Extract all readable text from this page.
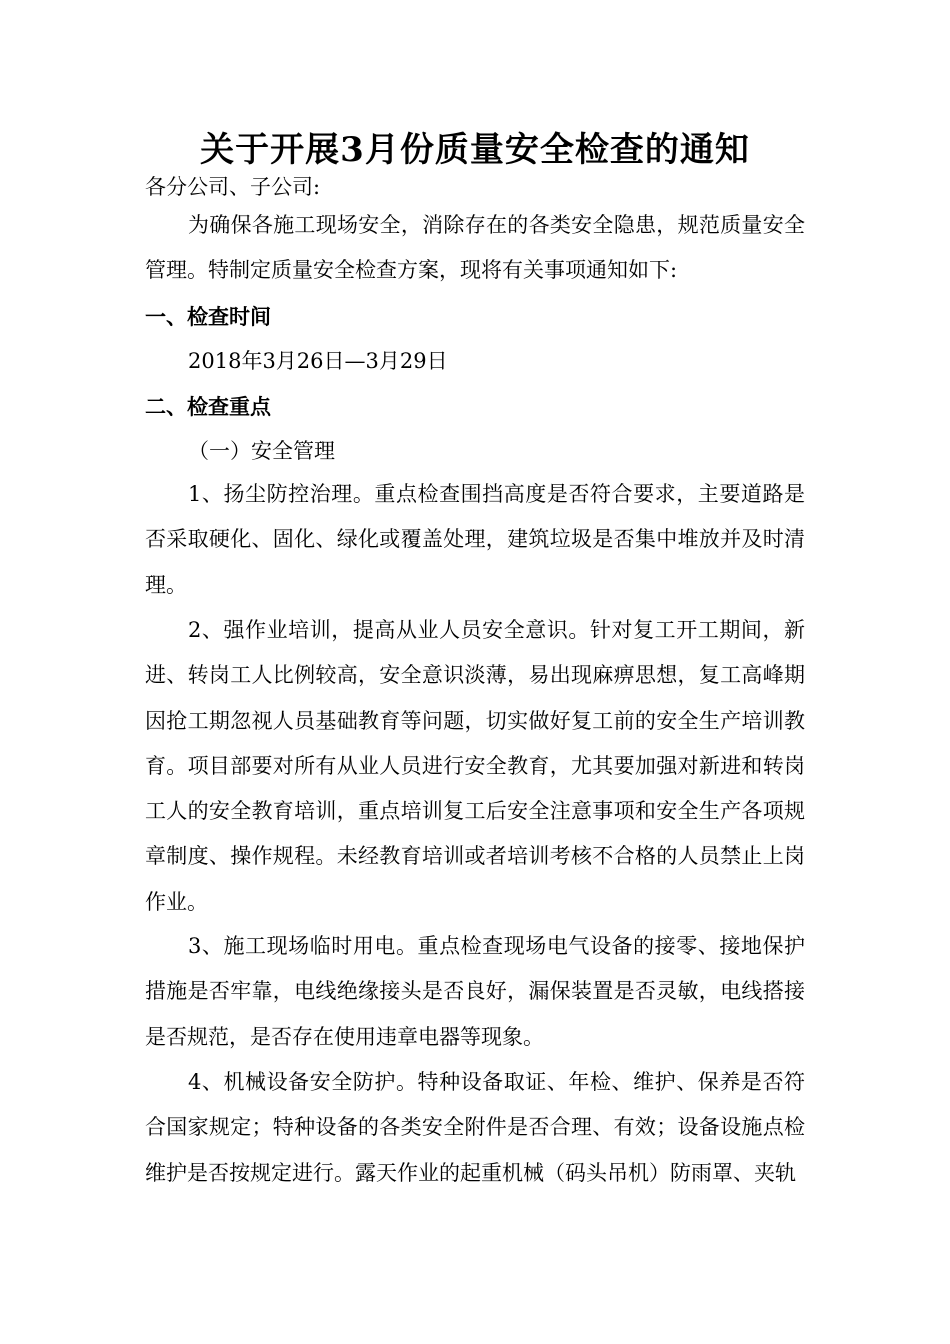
关于开展3月份质量安全检查的通知
各分公司、子公司:

为确保各施工现场安全，消除存在的各类安全隐患，规范质量安全管理。特制定质量安全检查方案，现将有关事项通知如下:

一、检查时间
2018年3月26日—3月29日
二、检查重点
（一）安全管理

1、扬尘防控治理。重点检查围挡高度是否符合要求，主要道路是否采取硬化、固化、绿化或覆盖处理，建筑垃圾是否集中堆放并及时清理。

2、强作业培训，提高从业人员安全意识。针对复工开工期间，新进、转岗工人比例较高，安全意识淡薄，易出现麻痹思想，复工高峰期因抢工期忽视人员基础教育等问题，切实做好复工前的安全生产培训教育。项目部要对所有从业人员进行安全教育，尤其要加强对新进和转岗工人的安全教育培训，重点培训复工后安全注意事项和安全生产各项规章制度、操作规程。未经教育培训或者培训考核不合格的人员禁止上岗作业。

3、施工现场临时用电。重点检查现场电气设备的接零、接地保护措施是否牢靠，电线绝缘接头是否良好，漏保装置是否灵敏，电线搭接是否规范，是否存在使用违章电器等现象。

4、机械设备安全防护。特种设备取证、年检、维护、保养是否符合国家规定；特种设备的各类安全附件是否合理、有效；设备设施点检维护是否按规定进行。露天作业的起重机械（码头吊机）防雨罩、夹轨
